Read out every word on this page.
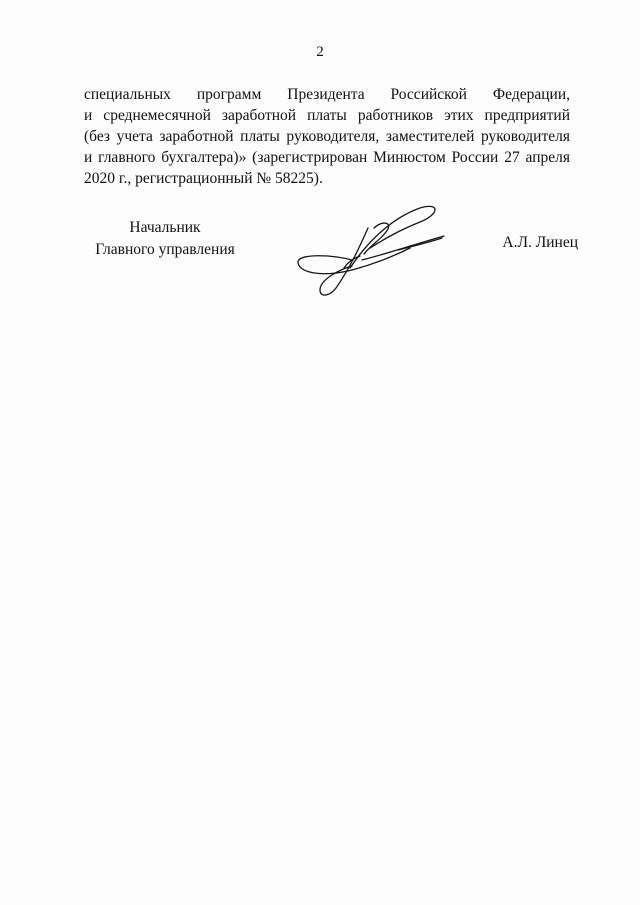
2
специальных программ Президента Российской Федерации,
и среднемесячной заработной платы работников этих предприятий
(без учета заработной платы руководителя, заместителей руководителя
и главного бухгалтера)» (зарегистрирован Минюстом России 27 апреля
2020 г., регистрационный № 58225).
Начальник
Главного управления	А.Л. Линец
